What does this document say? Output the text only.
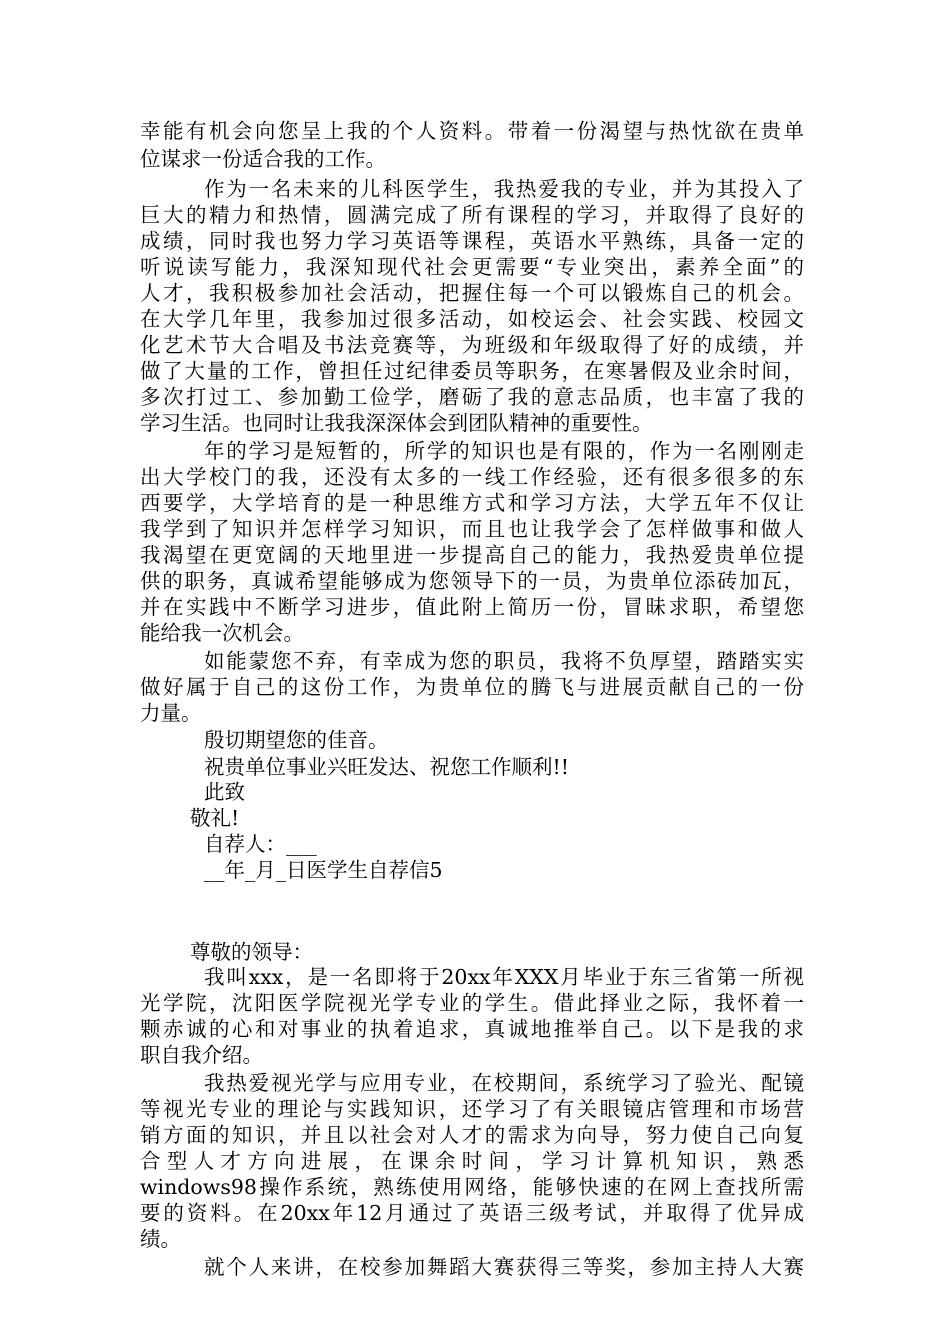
幸能有机会向您呈上我的个人资料。带着一份渴望与热忱欲在贵单
位谋求一份适合我的工作。
作为一名未来的儿科医学生，我热爱我的专业，并为其投入了
巨大的精力和热情，圆满完成了所有课程的学习，并取得了良好的
成绩，同时我也努力学习英语等课程，英语水平熟练，具备一定的
听说读写能力，我深知现代社会更需要“专业突出，素养全面”的
人才，我积极参加社会活动，把握住每一个可以锻炼自己的机会。
在大学几年里，我参加过很多活动，如校运会、社会实践、校园文
化艺术节大合唱及书法竞赛等，为班级和年级取得了好的成绩，并
做了大量的工作，曾担任过纪律委员等职务，在寒暑假及业余时间，
多次打过工、参加勤工俭学，磨砺了我的意志品质，也丰富了我的
学习生活。也同时让我我深深体会到团队精神的重要性。
年的学习是短暂的，所学的知识也是有限的，作为一名刚刚走
出大学校门的我，还没有太多的一线工作经验，还有很多很多的东
西要学，大学培育的是一种思维方式和学习方法，大学五年不仅让
我学到了知识并怎样学习知识，而且也让我学会了怎样做事和做人
我渴望在更宽阔的天地里进一步提高自己的能力，我热爱贵单位提
供的职务，真诚希望能够成为您领导下的一员，为贵单位添砖加瓦，
并在实践中不断学习进步，值此附上简历一份，冒昧求职，希望您
能给我一次机会。
如能蒙您不弃，有幸成为您的职员，我将不负厚望，踏踏实实
做好属于自己的这份工作，为贵单位的腾飞与进展贡献自己的一份
力量。
殷切期望您的佳音。
祝贵单位事业兴旺发达、祝您工作顺利!!
此致
敬礼!
自荐人：___
__年_月_日医学生自荐信5
尊敬的领导：
我叫xxx，是一名即将于20xx年XXX月毕业于东三省第一所视
光学院，沈阳医学院视光学专业的学生。借此择业之际，我怀着一
颗赤诚的心和对事业的执着追求，真诚地推举自己。以下是我的求
职自我介绍。
我热爱视光学与应用专业，在校期间，系统学习了验光、配镜
等视光专业的理论与实践知识，还学习了有关眼镜店管理和市场营
销方面的知识，并且以社会对人才的需求为向导，努力使自己向复
合型人才方向进展，在课余时间，学习计算机知识，熟悉
windows98操作系统，熟练使用网络，能够快速的在网上查找所需
要的资料。在20xx年12月通过了英语三级考试，并取得了优异成
绩。
就个人来讲，在校参加舞蹈大赛获得三等奖，参加主持人大赛
